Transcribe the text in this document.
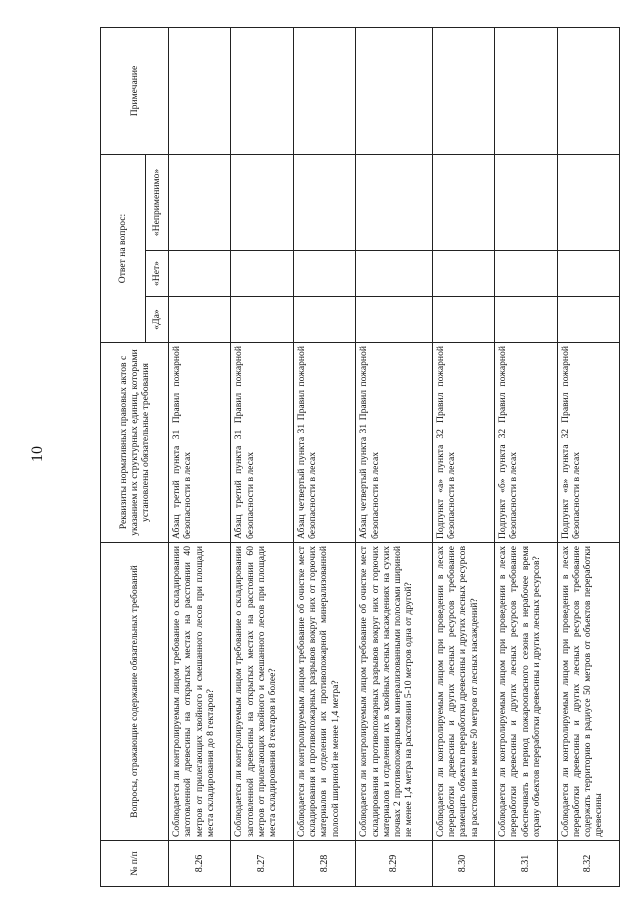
10
№ п/п	Вопросы, отражающие содержание обязательных требований	Реквизиты нормативных правовых актов с указанием их структурных единиц, которыми установлены обязательные требования	Ответ на вопрос:			Примечание
			«Да»	«Нет»	«Неприменимо»	
8.26	Соблюдается ли контролируемым лицом требование о складировании заготовленной древесины на открытых местах на расстоянии 40 метров от прилегающих хвойного и смешанного лесов при площади места складирования до 8 гектаров?	Абзац третий пункта 31 Правил пожарной безопасности в лесах				
8.27	Соблюдается ли контролируемым лицом требование о складировании заготовленной древесины на открытых местах на расстоянии 60 метров от прилегающих хвойного и смешанного лесов при площади места складирования 8 гектаров и более?	Абзац третий пункта 31 Правил пожарной безопасности в лесах				
8.28	Соблюдается ли контролируемым лицом требование об очистке мест складирования и противопожарных разрывов вокруг них от горючих материалов и отделении их противопожарной минерализованной полосой шириной не менее 1,4 метра?	Абзац четвертый пункта 31 Правил пожарной безопасности в лесах				
8.29	Соблюдается ли контролируемым лицом требование об очистке мест складирования и противопожарных разрывов вокруг них от горючих материалов и отделении их в хвойных лесных насаждениях на сухих почвах 2 противопожарными минерализованными полосами шириной не менее 1,4 метра на расстоянии 5-10 метров одна от другой?	Абзац четвертый пункта 31 Правил пожарной безопасности в лесах				
8.30	Соблюдается ли контролируемым лицом при проведении в лесах переработки древесины и других лесных ресурсов требование размещать объекты переработки древесины и других лесных ресурсов на расстоянии не менее 50 метров от лесных насаждений?	Подпункт «а» пункта 32 Правил пожарной безопасности в лесах				
8.31	Соблюдается ли контролируемым лицом при проведении в лесах переработки древесины и других лесных ресурсов требование обеспечивать в период пожароопасного сезона в нерабочее время охрану объектов переработки древесины и других лесных ресурсов?	Подпункт «б» пункта 32 Правил пожарной безопасности в лесах				
8.32	Соблюдается ли контролируемым лицом при проведении в лесах переработки древесины и других лесных ресурсов требование содержать территорию в радиусе 50 метров от объектов переработки древесины	Подпункт «в» пункта 32 Правил пожарной безопасности в лесах				
